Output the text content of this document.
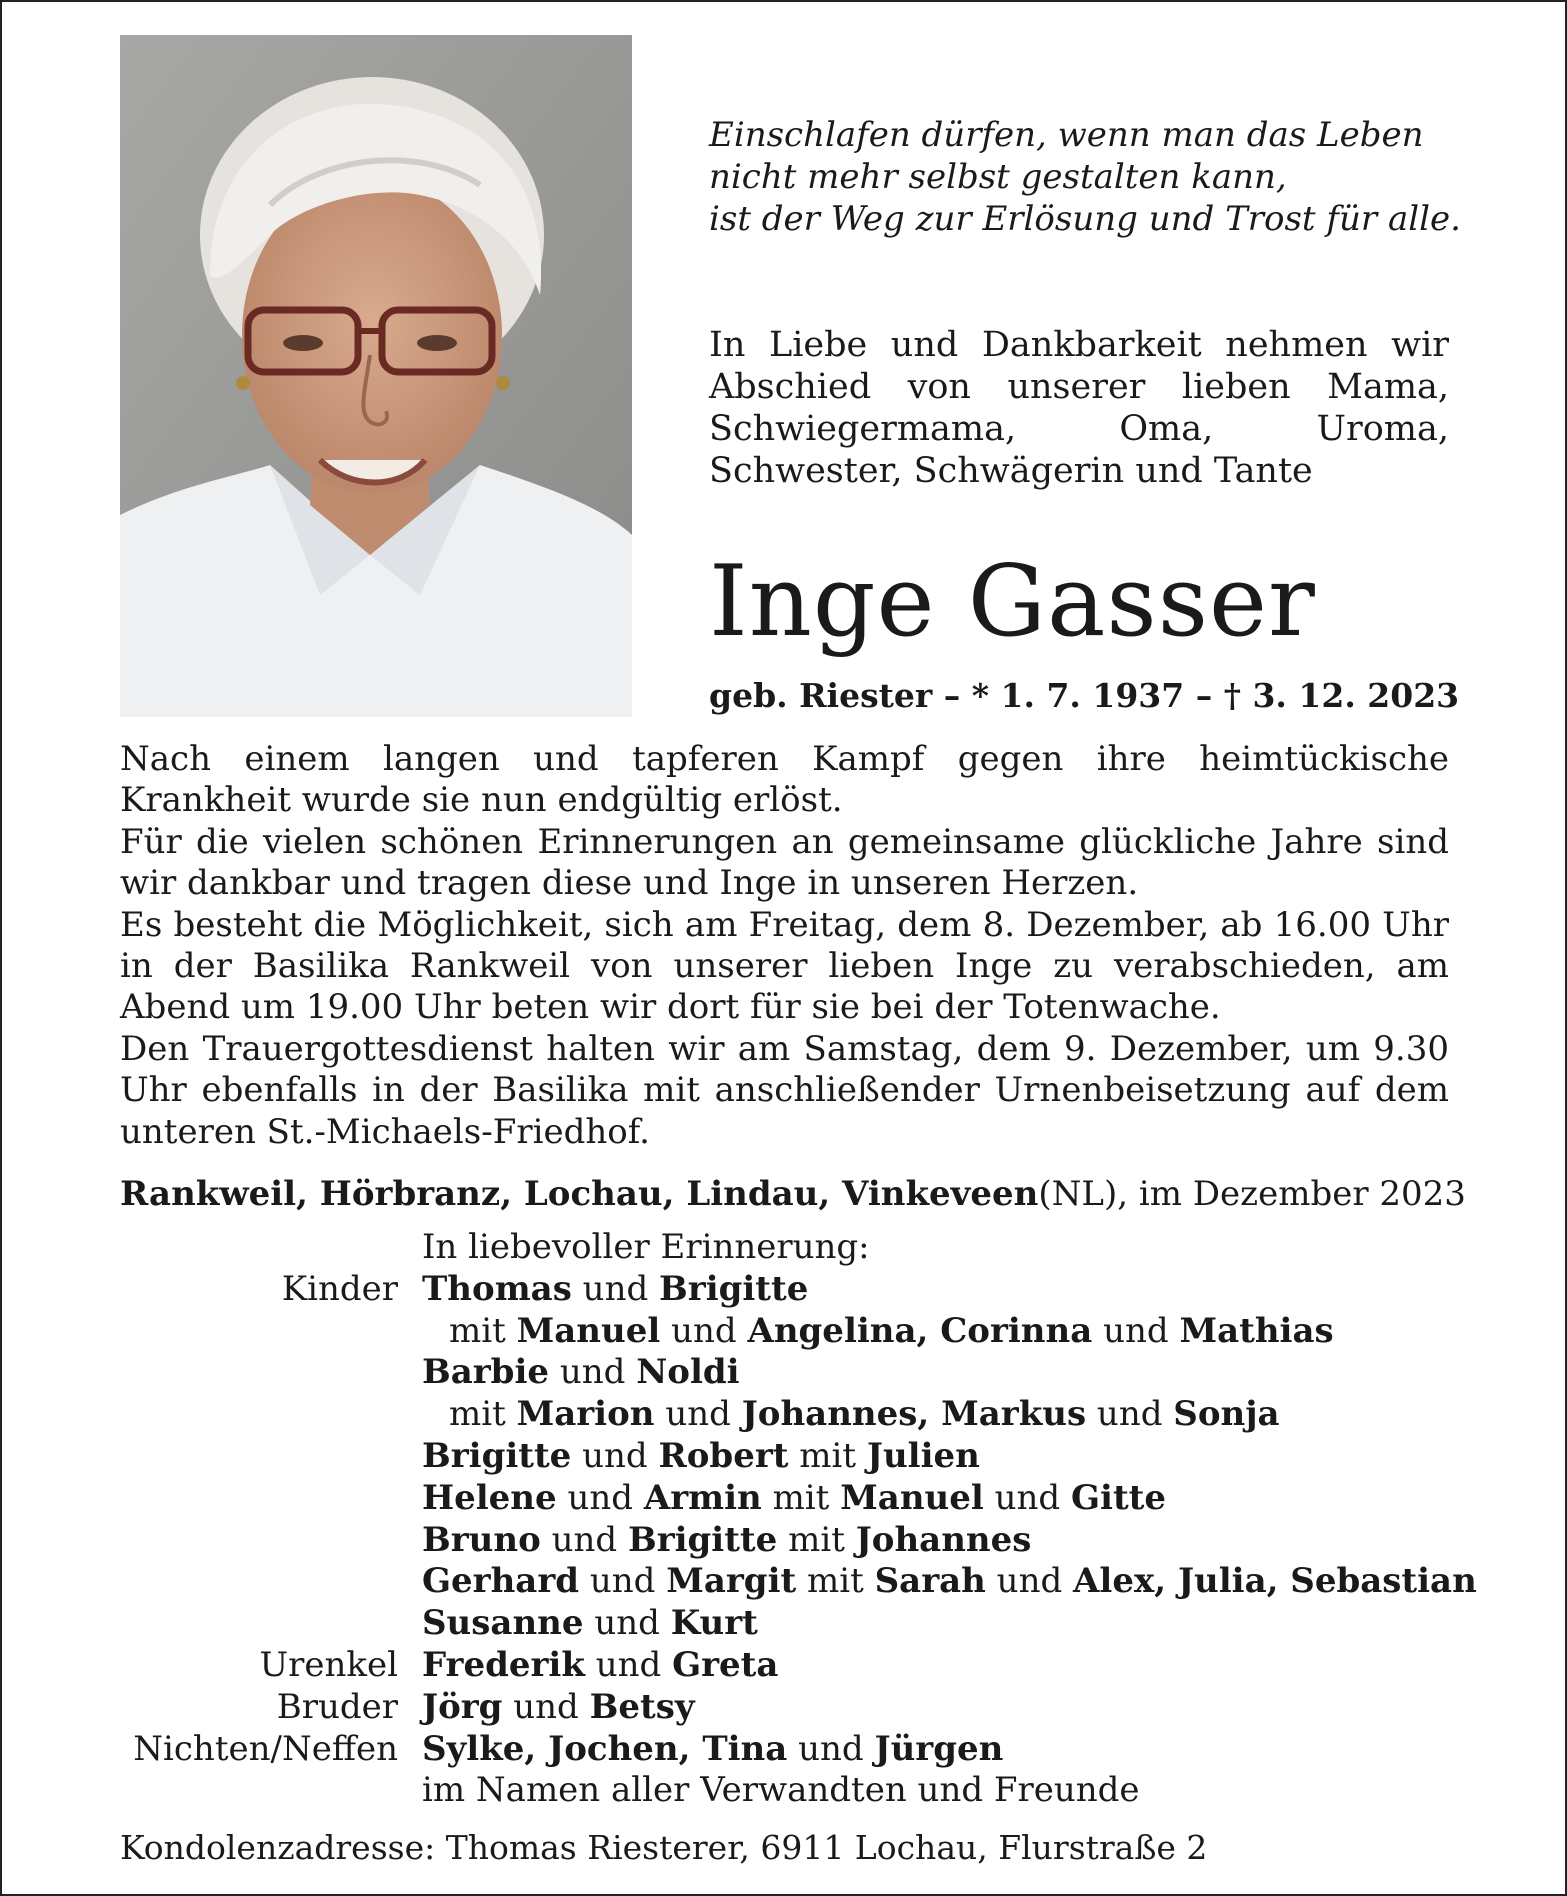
Einschlafen dürfen, wenn man das Leben
nicht mehr selbst gestalten kann,
ist der Weg zur Erlösung und Trost für alle.
In Liebe und Dankbarkeit nehmen wir Abschied von unserer lieben Mama, Schwiegermama, Oma, Uroma, Schwester, Schwägerin und Tante
Inge Gasser
geb. Riester – * 1. 7. 1937 – † 3. 12. 2023

Nach einem langen und tapferen Kampf gegen ihre heimtückische Krankheit wurde sie nun endgültig erlöst.

Für die vielen schönen Erinnerungen an gemeinsame glückliche Jahre sind wir dankbar und tragen diese und Inge in unseren Herzen.

Es besteht die Möglichkeit, sich am Freitag, dem 8. Dezember, ab 16.00 Uhr in der Basilika Rankweil von unserer lieben Inge zu verabschieden, am Abend um 19.00 Uhr beten wir dort für sie bei der Totenwache.

Den Trauergottesdienst halten wir am Samstag, dem 9. Dezember, um 9.30 Uhr ebenfalls in der Basilika mit anschließender Urnenbeisetzung auf dem unteren St.-Michaels-Friedhof.

Rankweil, Hörbranz, Lochau, Lindau, Vinkeveen (NL), im Dezember 2023
In liebevoller Erinnerung:
Kinder Thomas und Brigitte
mit Manuel und Angelina, Corinna und Mathias
Barbie und Noldi
mit Marion und Johannes, Markus und Sonja
Brigitte und Robert mit Julien
Helene und Armin mit Manuel und Gitte
Bruno und Brigitte mit Johannes
Gerhard und Margit mit Sarah und Alex, Julia, Sebastian
Susanne und Kurt
Urenkel Frederik und Greta
Bruder Jörg und Betsy
Nichten/Neffen Sylke, Jochen, Tina und Jürgen
im Namen aller Verwandten und Freunde
Kondolenzadresse: Thomas Riesterer, 6911 Lochau, Flurstraße 2
